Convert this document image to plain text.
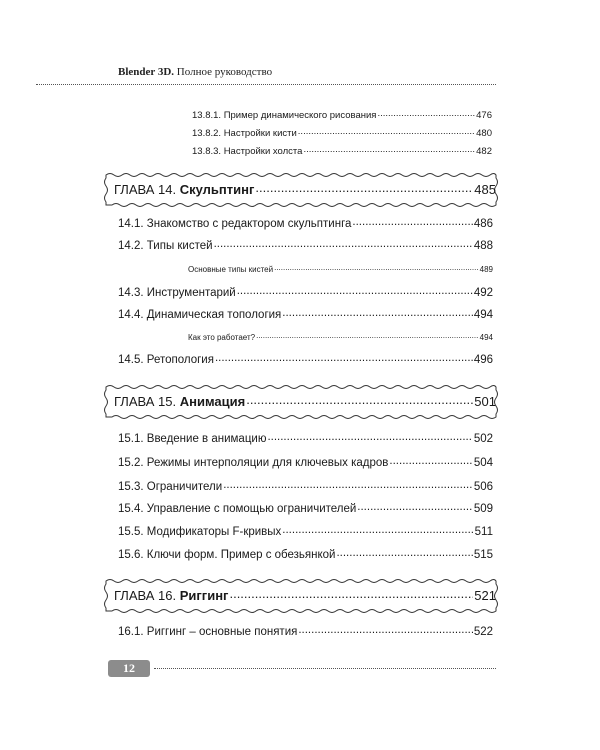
Blender 3D. Полное руководство
13.8.1. Пример динамического рисования .....	476
13.8.2. Настройки кисти .....	480
13.8.3. Настройки холста .....	482
ГЛАВА 14. Скульптинг .....	485
14.1. Знакомство с редактором скульптинга .....	486
14.2. Типы кистей .....	488
Основные типы кистей .....	489
14.3. Инструментарий .....	492
14.4. Динамическая топология .....	494
Как это работает? .....	494
14.5. Ретопология .....	496
ГЛАВА 15. Анимация .....	501
15.1. Введение в анимацию .....	502
15.2. Режимы интерполяции для ключевых кадров .....	504
15.3. Ограничители .....	506
15.4. Управление с помощью ограничителей .....	509
15.5. Модификаторы F-кривых .....	511
15.6. Ключи форм. Пример с обезьянкой .....	515
ГЛАВА 16. Риггинг .....	521
16.1. Риггинг – основные понятия .....	522
12
